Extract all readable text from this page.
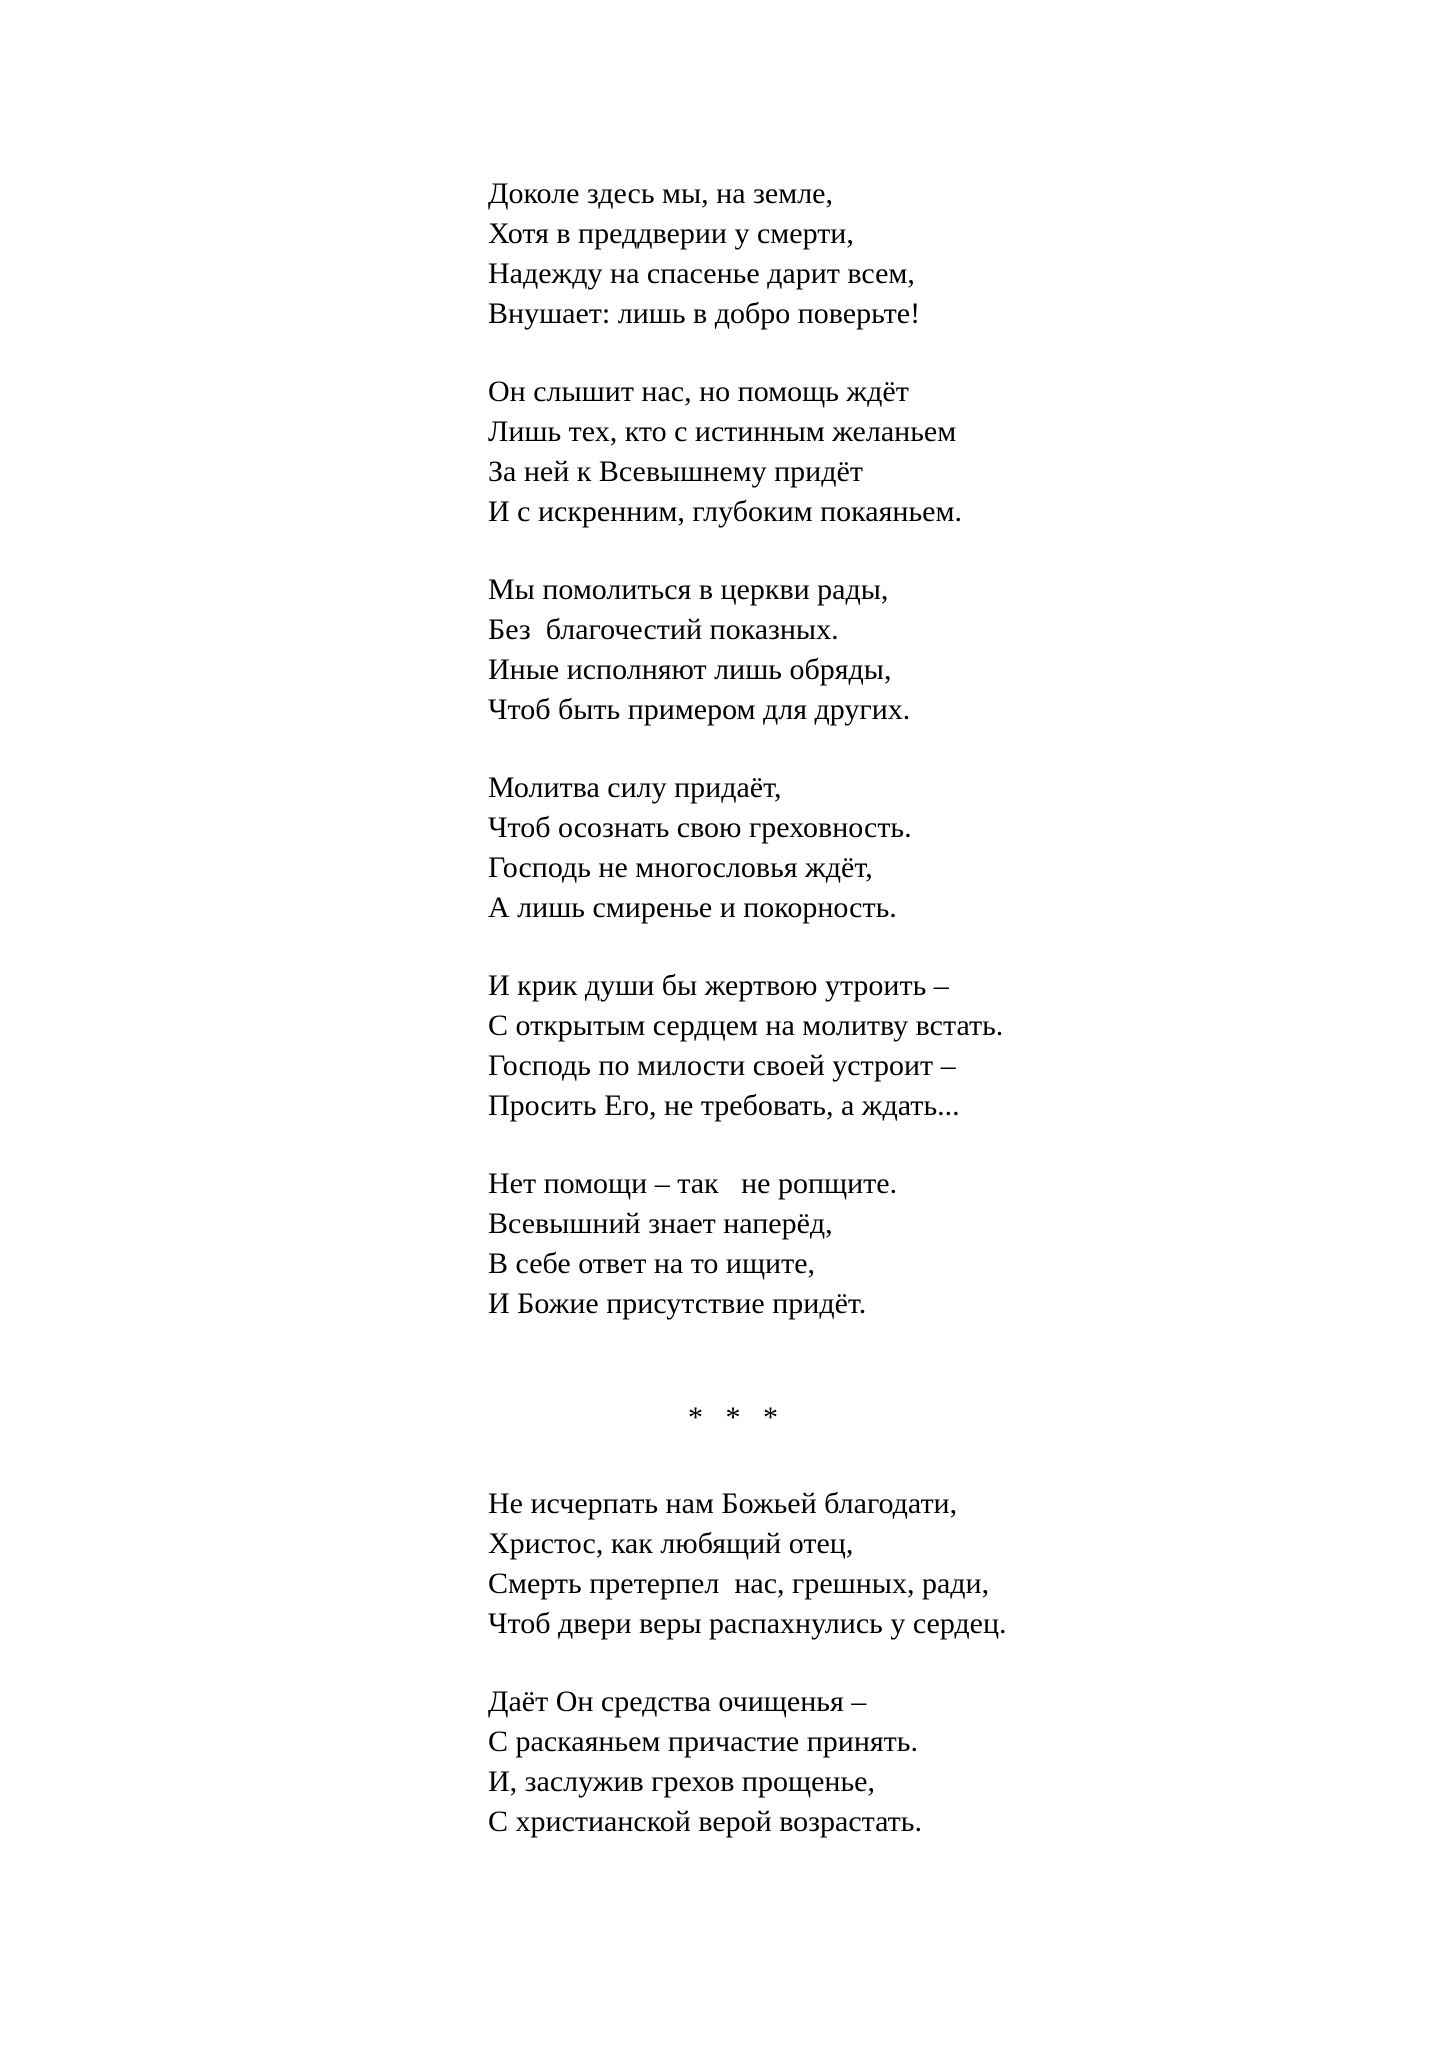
Доколе здесь мы, на земле,
Хотя в преддверии у смерти,
Надежду на спасенье дарит всем,
Внушает: лишь в добро поверьте!
Он слышит нас, но помощь ждёт
Лишь тех, кто с истинным желаньем
За ней к Всевышнему придёт
И с искренним, глубоким покаяньем.
Мы помолиться в церкви рады,
Без  благочестий показных.
Иные исполняют лишь обряды,
Чтоб быть примером для других.
Молитва силу придаёт,
Чтоб осознать свою греховность.
Господь не многословья ждёт,
А лишь смиренье и покорность.
И крик души бы жертвою утроить –
С открытым сердцем на молитву встать.
Господь по милости своей устроит –
Просить Его, не требовать, а ждать...
Нет помощи – так   не ропщите.
Всевышний знает наперёд,
В себе ответ на то ищите,
И Божие присутствие придёт.
*   *   *
Не исчерпать нам Божьей благодати,
Христос, как любящий отец,
Смерть претерпел  нас, грешных, ради,
Чтоб двери веры распахнулись у сердец.
Даёт Он средства очищенья –
С раскаяньем причастие принять.
И, заслужив грехов прощенье,
С христианской верой возрастать.
